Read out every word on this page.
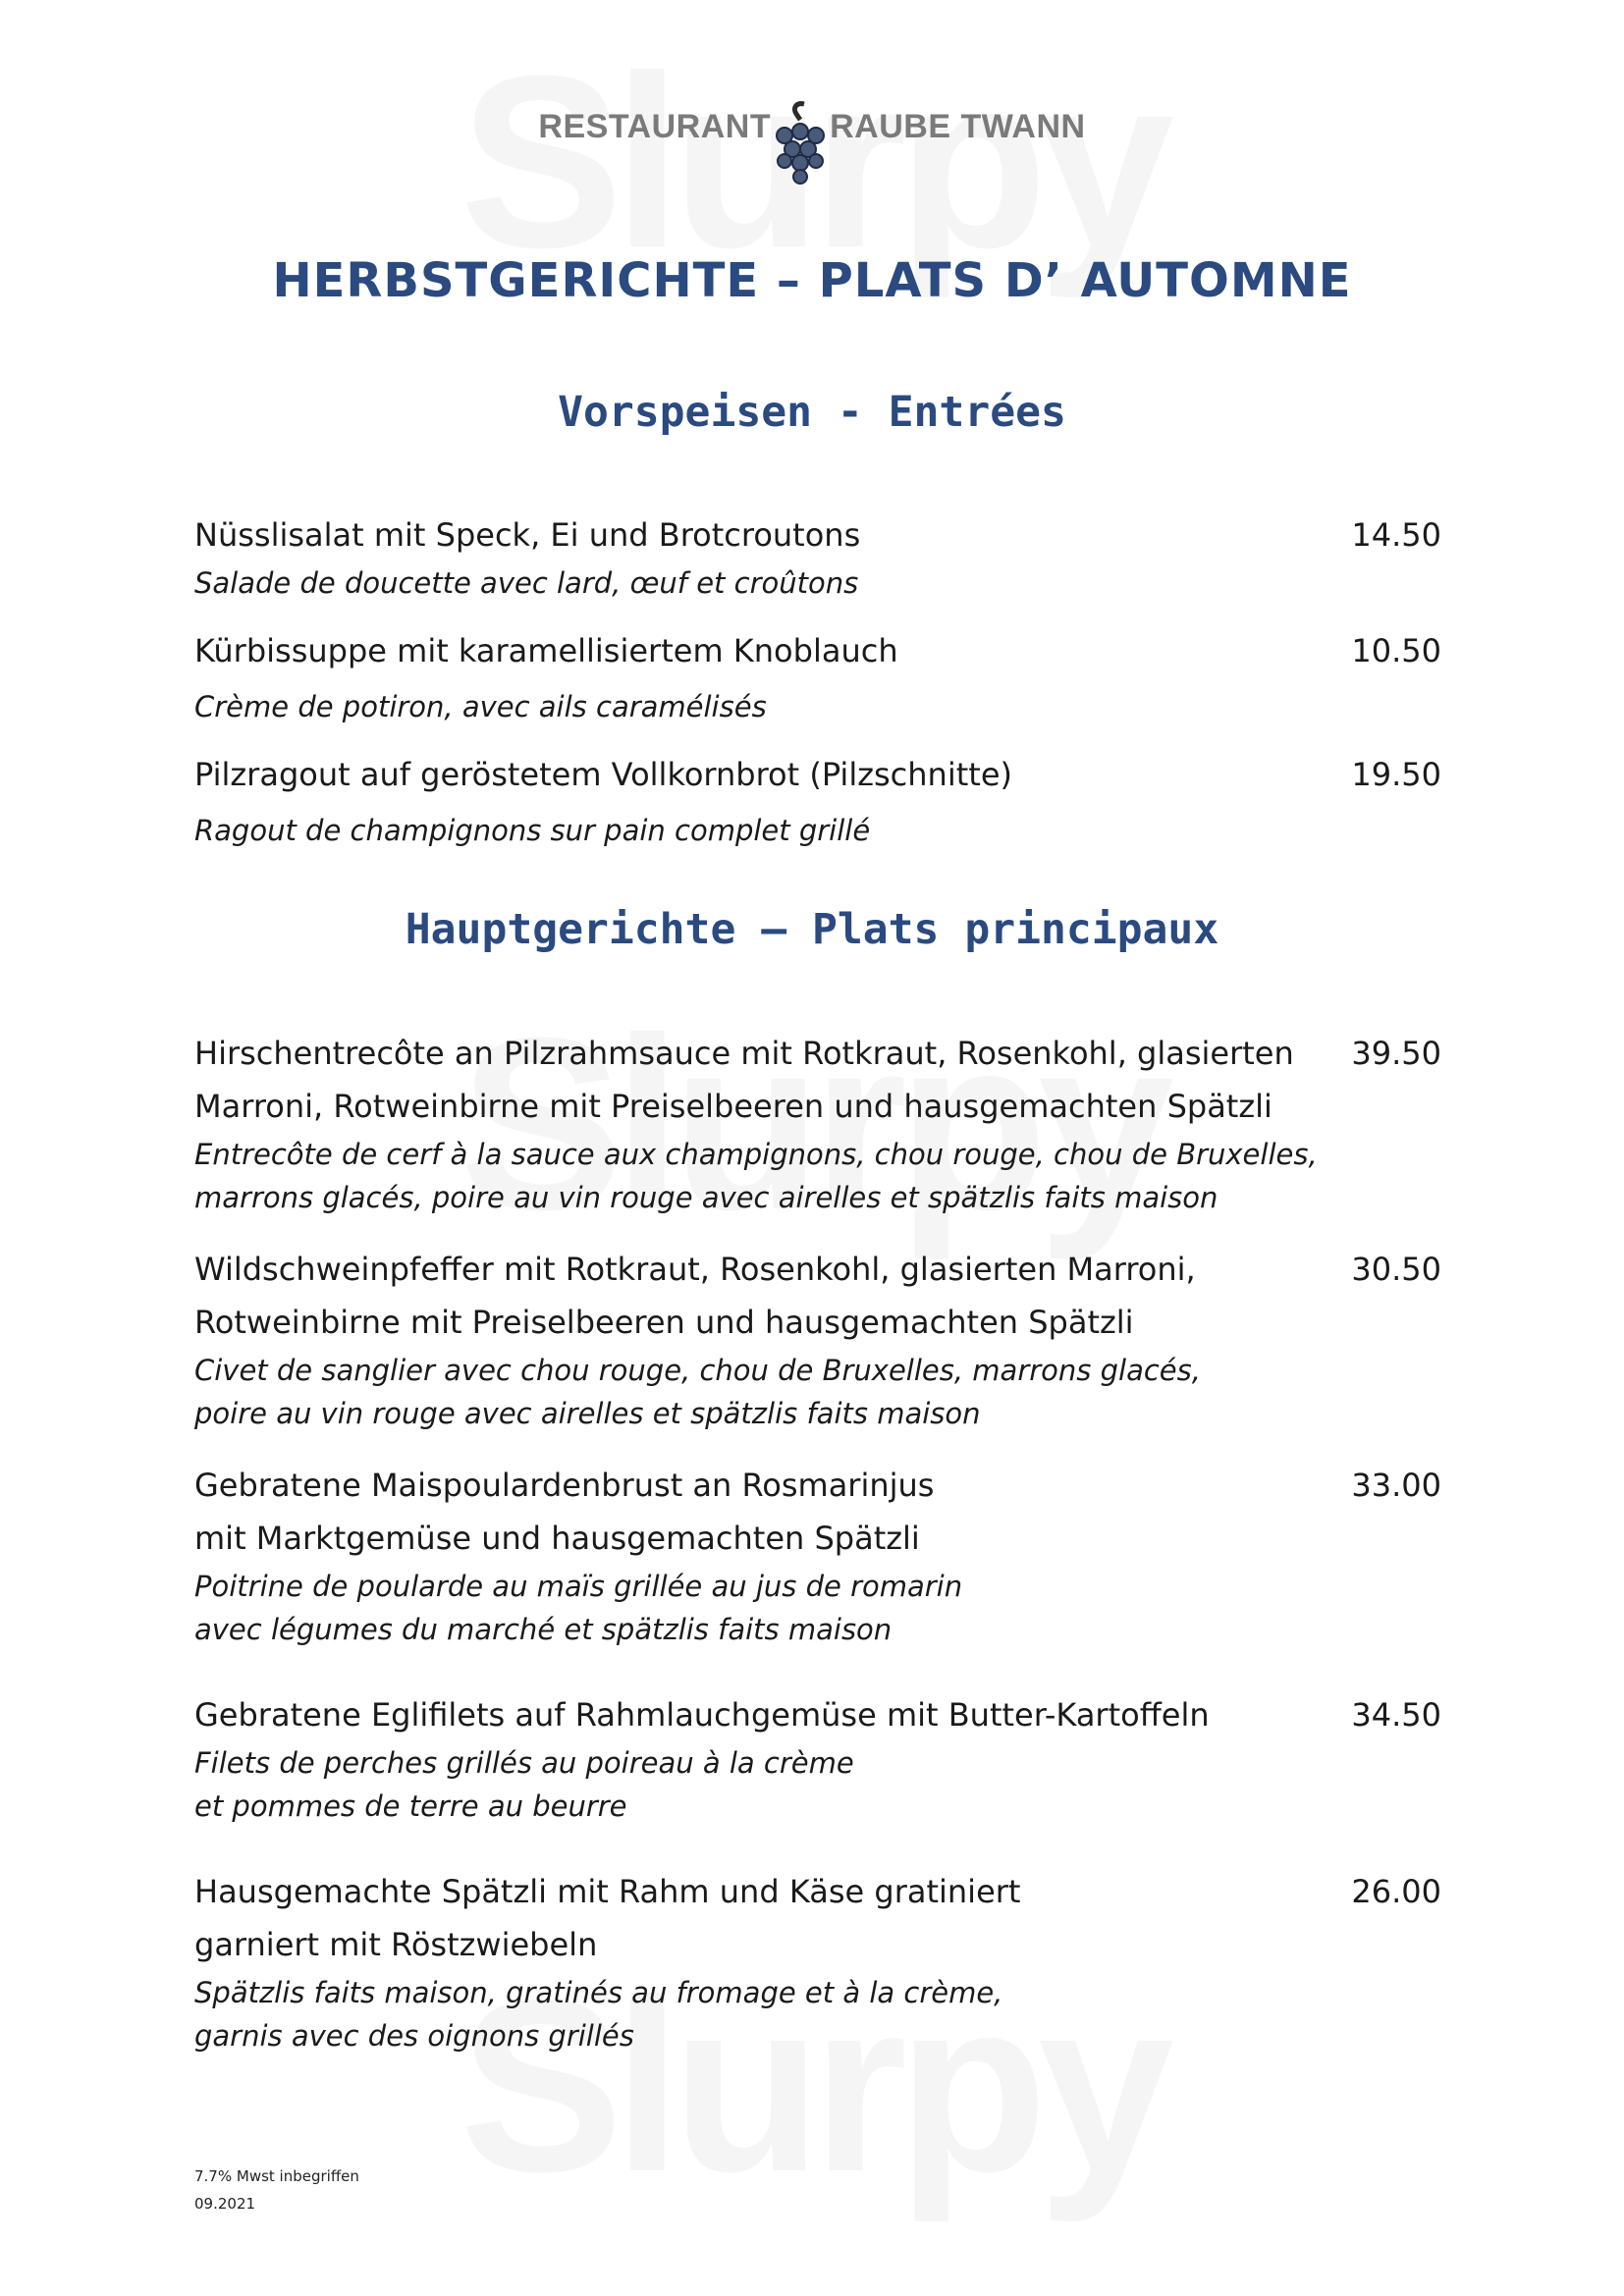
RESTAURANT RAUBE TWANN
HERBSTGERICHTE – PLATS D’ AUTOMNE
Vorspeisen - Entrées
Nüsslisalat mit Speck, Ei und Brotcroutons
Salade de doucette avec lard, œuf et croûtons
14.50
Kürbissuppe mit karamellisiertem Knoblauch
Crème de potiron, avec ails caramélisés
10.50
Pilzragout auf geröstetem Vollkornbrot (Pilzschnitte)
Ragout de champignons sur pain complet grillé
19.50
Hauptgerichte – Plats principaux
Hirschentrecôte an Pilzrahmsauce mit Rotkraut, Rosenkohl, glasierten
Marroni, Rotweinbirne mit Preiselbeeren und hausgemachten Spätzli
Entrecôte de cerf à la sauce aux champignons, chou rouge, chou de Bruxelles,
marrons glacés, poire au vin rouge avec airelles et spätzlis faits maison
39.50
Wildschweinpfeffer mit Rotkraut, Rosenkohl, glasierten Marroni,
Rotweinbirne mit Preiselbeeren und hausgemachten Spätzli
Civet de sanglier avec chou rouge, chou de Bruxelles, marrons glacés,
poire au vin rouge avec airelles et spätzlis faits maison
30.50
Gebratene Maispoulardenbrust an Rosmarinjus
mit Marktgemüse und hausgemachten Spätzli
Poitrine de poularde au maïs grillée au jus de romarin
avec légumes du marché et spätzlis faits maison
33.00
Gebratene Eglifilets auf Rahmlauchgemüse mit Butter-Kartoffeln
Filets de perches grillés au poireau à la crème
et pommes de terre au beurre
34.50
Hausgemachte Spätzli mit Rahm und Käse gratiniert
garniert mit Röstzwiebeln
Spätzlis faits maison, gratinés au fromage et à la crème,
garnis avec des oignons grillés
26.00
7.7% Mwst inbegriffen
09.2021
